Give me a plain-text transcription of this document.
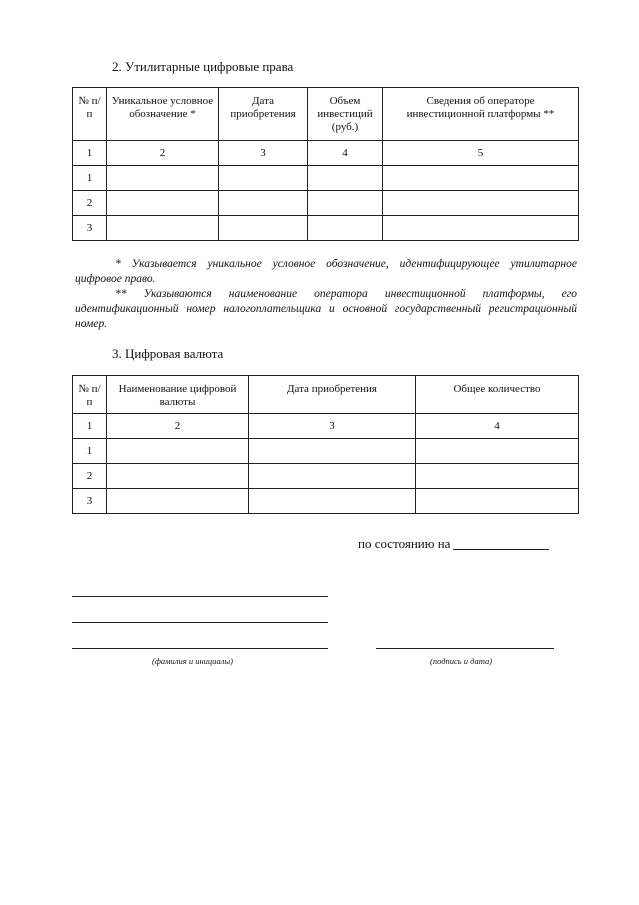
2. Утилитарные цифровые права
№ п/п	Уникальное условное обозначение *	Дата приобретения	Объем инвестиций (руб.)	Сведения об операторе инвестиционной платформы **
1	2	3	4	5
1				
2				
3				
* Указывается уникальное условное обозначение, идентифицирующее утилитарное цифровое право.
** Указываются наименование оператора инвестиционной платформы, его идентификационный номер налогоплательщика и основной государственный регистрационный номер.
3. Цифровая валюта
№ п/п	Наименование цифровой валюты	Дата приобретения	Общее количество
1	2	3	4
1			
2			
3			
по состоянию на
(фамилия и инициалы)	(подпись и дата)
